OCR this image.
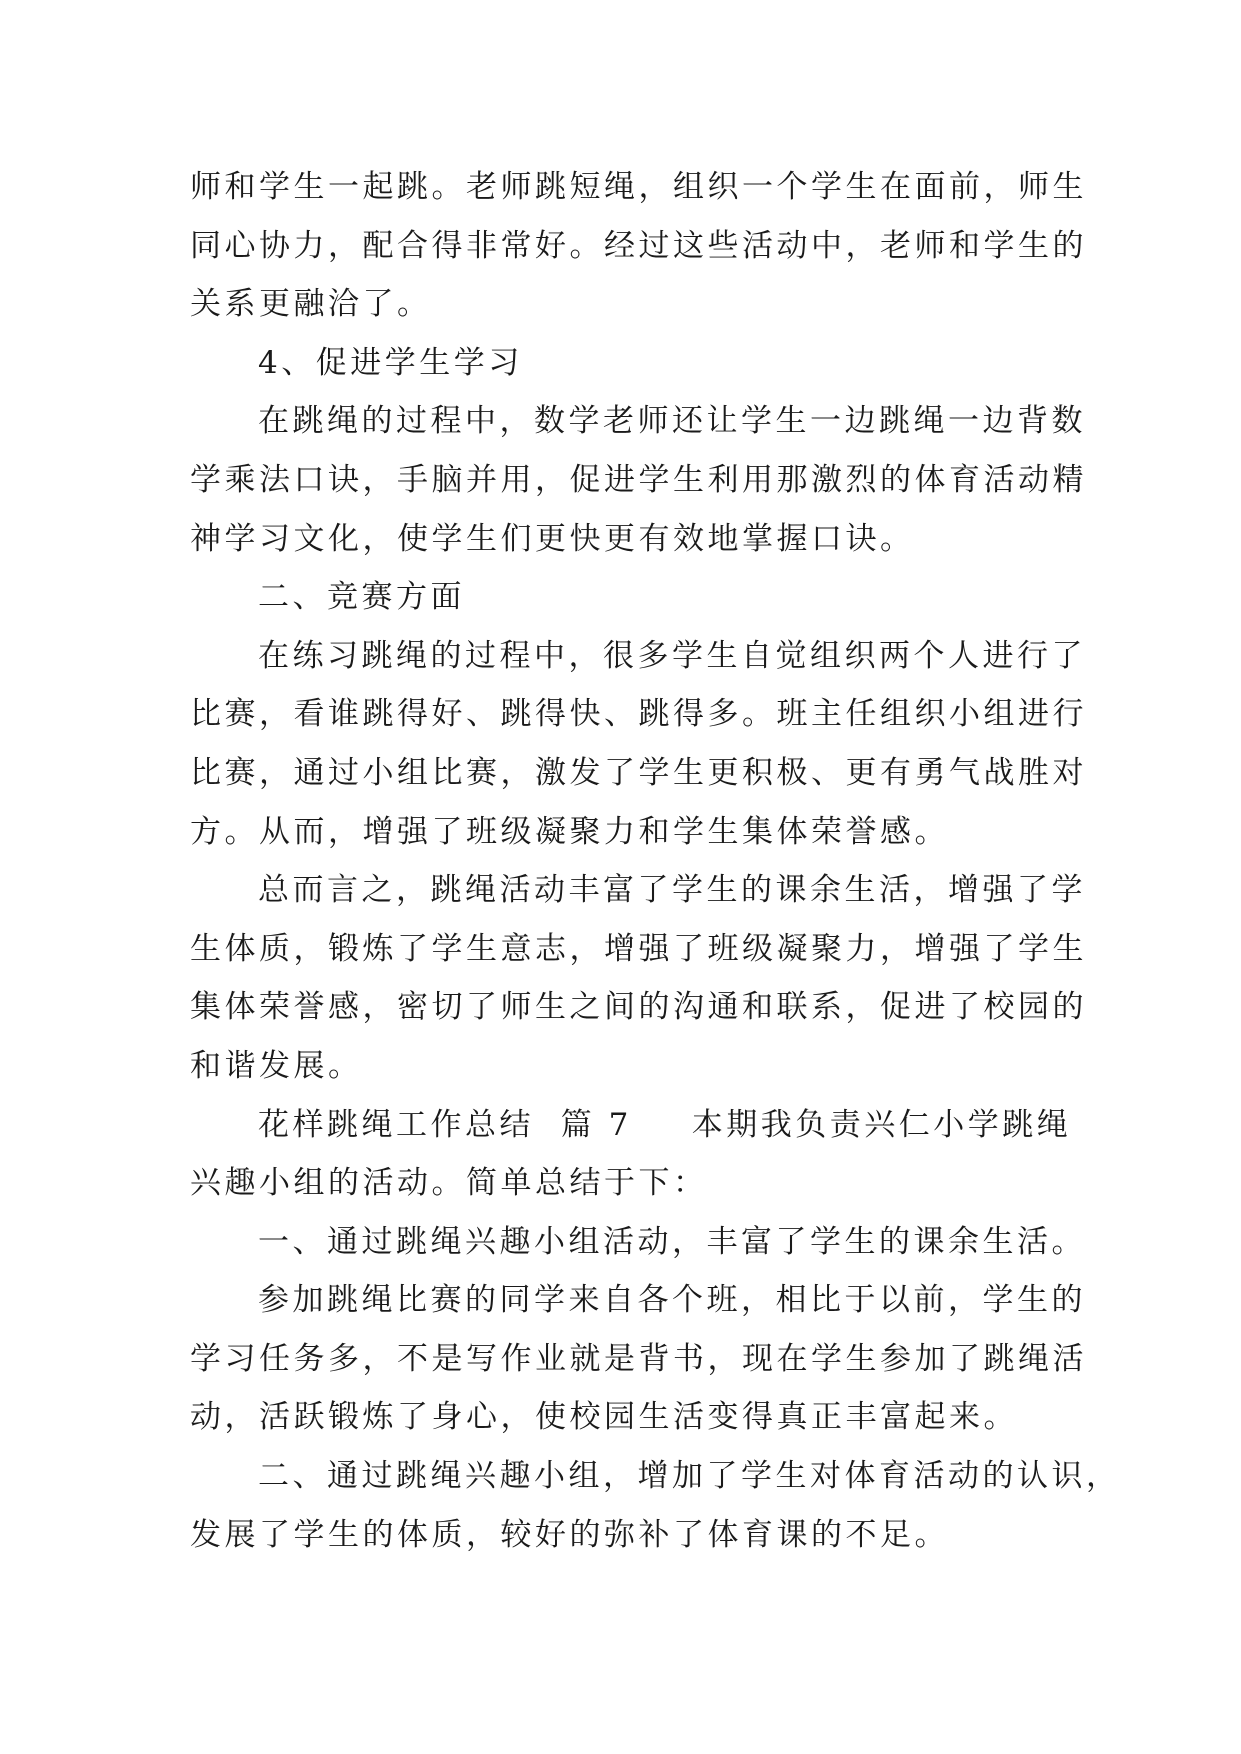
师和学生一起跳。老师跳短绳，组织一个学生在面前，师生
同心协力，配合得非常好。经过这些活动中，老师和学生的
关系更融洽了。
4、促进学生学习
在跳绳的过程中，数学老师还让学生一边跳绳一边背数
学乘法口诀，手脑并用，促进学生利用那激烈的体育活动精
神学习文化，使学生们更快更有效地掌握口诀。
二、竞赛方面
在练习跳绳的过程中，很多学生自觉组织两个人进行了
比赛，看谁跳得好、跳得快、跳得多。班主任组织小组进行
比赛，通过小组比赛，激发了学生更积极、更有勇气战胜对
方。从而，增强了班级凝聚力和学生集体荣誉感。
总而言之，跳绳活动丰富了学生的课余生活，增强了学
生体质，锻炼了学生意志，增强了班级凝聚力，增强了学生
集体荣誉感，密切了师生之间的沟通和联系，促进了校园的
和谐发展。
花样跳绳工作总结 篇 7 本期我负责兴仁小学跳绳
兴趣小组的活动。简单总结于下：
一、通过跳绳兴趣小组活动，丰富了学生的课余生活。
参加跳绳比赛的同学来自各个班，相比于以前，学生的
学习任务多，不是写作业就是背书，现在学生参加了跳绳活
动，活跃锻炼了身心，使校园生活变得真正丰富起来。
二、通过跳绳兴趣小组，增加了学生对体育活动的认识，
发展了学生的体质，较好的弥补了体育课的不足。
